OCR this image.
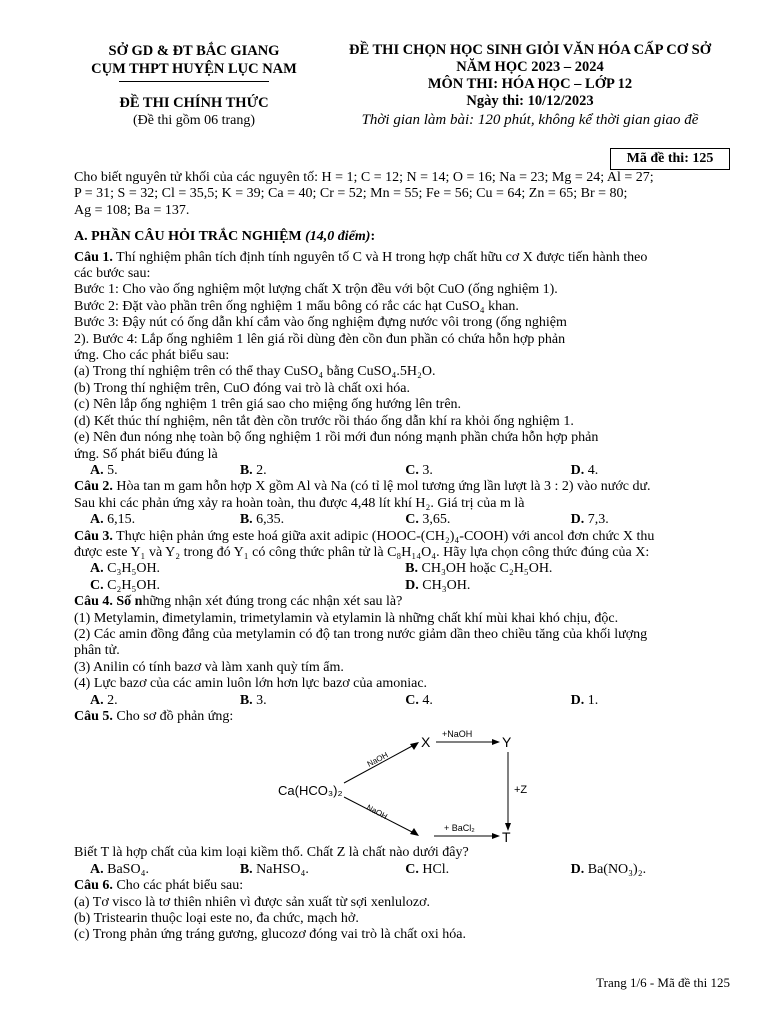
SỞ GD & ĐT BẮC GIANG
CỤM THPT HUYỆN LỤC NAM
ĐỀ THI CHÍNH THỨC
(Đề thi gồm 06 trang)
ĐỀ THI CHỌN HỌC SINH GIỎI VĂN HÓA CẤP CƠ SỞ
NĂM HỌC 2023 – 2024
MÔN THI: HÓA HỌC – LỚP 12
Ngày thi: 10/12/2023
Thời gian làm bài: 120 phút, không kể thời gian giao đề
Mã đề thi: 125

Cho biết nguyên tử khối của các nguyên tố: H = 1; C = 12; N = 14; O = 16; Na = 23; Mg = 24; Al = 27;

P = 31; S = 32; Cl = 35,5; K = 39; Ca = 40; Cr = 52; Mn = 55; Fe = 56; Cu = 64; Zn = 65; Br = 80;

Ag = 108; Ba = 137.

A. PHẦN CÂU HỎI TRẮC NGHIỆM (14,0 điểm):

Câu 1. Thí nghiệm phân tích định tính nguyên tố C và H trong hợp chất hữu cơ X được tiến hành theo

các bước sau:

Bước 1: Cho vào ống nghiệm một lượng chất X trộn đều với bột CuO (ống nghiệm 1).

Bước 2: Đặt vào phần trên ống nghiệm 1 mẩu bông có rắc các hạt CuSO₄ khan.

Bước 3: Đậy nút có ống dẫn khí cắm vào ống nghiệm đựng nước vôi trong (ống nghiệm

2). Bước 4: Lắp ống nghiêm 1 lên giá rồi dùng đèn cồn đun phần có chứa hỗn hợp phản

ứng. Cho các phát biểu sau:

(a) Trong thí nghiệm trên có thể thay CuSO₄ bằng CuSO₄.5H₂O.

(b) Trong thí nghiệm trên, CuO đóng vai trò là chất oxi hóa.

(c) Nên lắp ống nghiệm 1 trên giá sao cho miệng ống hướng lên trên.

(d) Kết thúc thí nghiệm, nên tắt đèn cồn trước rồi tháo ống dẫn khí ra khỏi ống nghiệm 1.

(e) Nên đun nóng nhẹ toàn bộ ống nghiệm 1 rồi mới đun nóng mạnh phần chứa hỗn hợp phản

ứng. Số phát biểu đúng là

A. 5.	B. 2.	C. 3.	D. 4.

Câu 2. Hòa tan m gam hỗn hợp X gồm Al và Na (có tỉ lệ mol tương ứng lần lượt là 3 : 2) vào nước dư.

Sau khi các phản ứng xảy ra hoàn toàn, thu được 4,48 lít khí H₂. Giá trị của m là

A. 6,15.	B. 6,35.	C. 3,65.	D. 7,3.

Câu 3. Thực hiện phản ứng este hoá giữa axit adipic (HOOC-(CH₂)₄-COOH) với ancol đơn chức X thu

được este Y₁ và Y₂ trong đó Y₁ có công thức phân tử là C₈H₁₄O₄. Hãy lựa chọn công thức đúng của X:

A. C₃H₅OH.	B. CH₃OH hoặc C₂H₅OH.
C. C₂H₅OH.	D. CH₃OH.

Câu 4. Số những nhận xét đúng trong các nhận xét sau là?

(1) Metylamin, đimetylamin, trimetylamin và etylamin là những chất khí mùi khai khó chịu, độc.

(2) Các amin đồng đẳng của metylamin có độ tan trong nước giảm dần theo chiều tăng của khối lượng

phân tử.

(3) Anilin có tính bazơ và làm xanh quỳ tím ẩm.

(4) Lực bazơ của các amin luôn lớn hơn lực bazơ của amoniac.

A. 2.	B. 3.	C. 4.	D. 1.

Câu 5. Cho sơ đồ phản ứng:

Ca(HCO₃)₂
NaOH
NaOH
X +NaOH Y
+Z
+ BaCl₂
T

Biết T là hợp chất của kim loại kiềm thổ. Chất Z là chất nào dưới đây?

A. BaSO₄.	B. NaHSO₄.	C. HCl.	D. Ba(NO₃)₂.

Câu 6. Cho các phát biểu sau:

(a) Tơ visco là tơ thiên nhiên vì được sản xuất từ sợi xenlulozơ.

(b) Tristearin thuộc loại este no, đa chức, mạch hở.

(c) Trong phản ứng tráng gương, glucozơ đóng vai trò là chất oxi hóa.

Trang 1/6 - Mã đề thi 125
